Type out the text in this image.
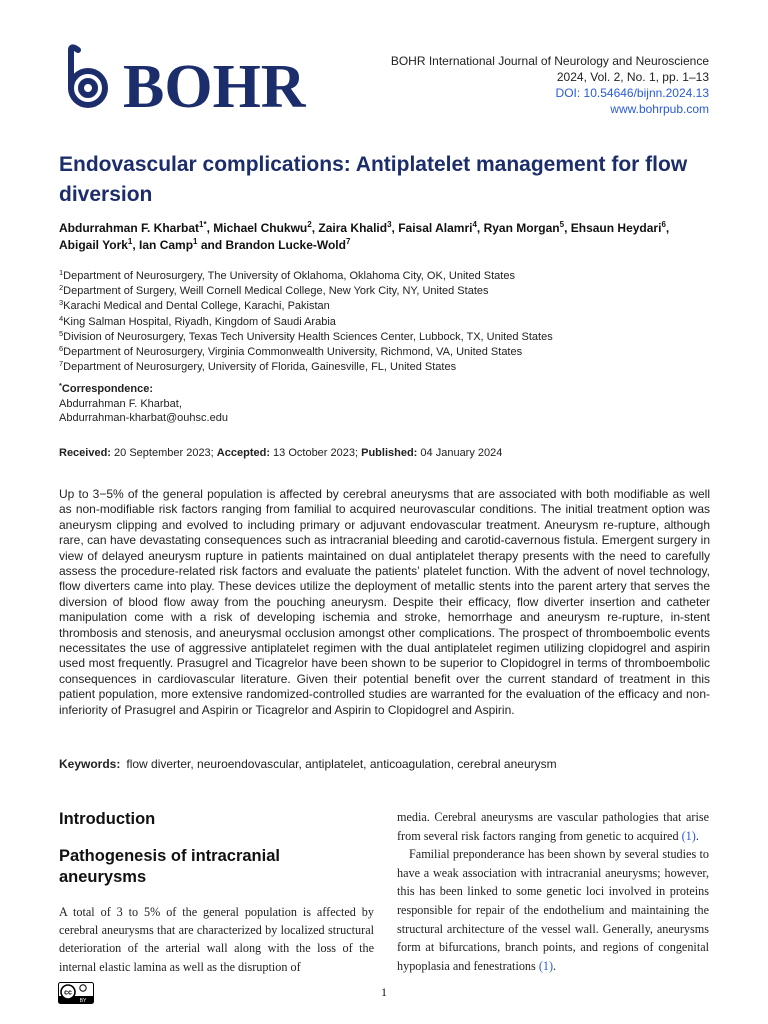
BOHR	BOHR International Journal of Neurology and Neuroscience
2024, Vol. 2, No. 1, pp. 1–13
DOI: 10.54646/bijnn.2024.13
www.bohrpub.com
Endovascular complications: Antiplatelet management for flow diversion
Abdurrahman F. Kharbat$^{1*}$, Michael Chukwu$^2$, Zaira Khalid$^3$, Faisal Alamri$^4$, Ryan Morgan$^5$, Ehsaun Heydari$^6$, Abigail York$^1$, Ian Camp$^1$ and Brandon Lucke-Wold$^7$
$^1$Department of Neurosurgery, The University of Oklahoma, Oklahoma City, OK, United States
$^2$Department of Surgery, Weill Cornell Medical College, New York City, NY, United States
$^3$Karachi Medical and Dental College, Karachi, Pakistan
$^4$King Salman Hospital, Riyadh, Kingdom of Saudi Arabia
$^5$Division of Neurosurgery, Texas Tech University Health Sciences Center, Lubbock, TX, United States
$^6$Department of Neurosurgery, Virginia Commonwealth University, Richmond, VA, United States
$^7$Department of Neurosurgery, University of Florida, Gainesville, FL, United States
*Correspondence:
Abdurrahman F. Kharbat,
Abdurrahman-kharbat@ouhsc.edu
Received: 20 September 2023; Accepted: 13 October 2023; Published: 04 January 2024
Up to 3−5% of the general population is affected by cerebral aneurysms that are associated with both modifiable as well as non-modifiable risk factors ranging from familial to acquired neurovascular conditions. The initial treatment option was aneurysm clipping and evolved to including primary or adjuvant endovascular treatment. Aneurysm re-rupture, although rare, can have devastating consequences such as intracranial bleeding and carotid-cavernous fistula. Emergent surgery in view of delayed aneurysm rupture in patients maintained on dual antiplatelet therapy presents with the need to carefully assess the procedure-related risk factors and evaluate the patients’ platelet function. With the advent of novel technology, flow diverters came into play. These devices utilize the deployment of metallic stents into the parent artery that serves the diversion of blood flow away from the pouching aneurysm. Despite their efficacy, flow diverter insertion and catheter manipulation come with a risk of developing ischemia and stroke, hemorrhage and aneurysm re-rupture, in-stent thrombosis and stenosis, and aneurysmal occlusion amongst other complications. The prospect of thromboembolic events necessitates the use of aggressive antiplatelet regimen with the dual antiplatelet regimen utilizing clopidogrel and aspirin used most frequently. Prasugrel and Ticagrelor have been shown to be superior to Clopidogrel in terms of thromboembolic consequences in cardiovascular literature. Given their potential benefit over the current standard of treatment in this patient population, more extensive randomized-controlled studies are warranted for the evaluation of the efficacy and non-inferiority of Prasugrel and Aspirin or Ticagrelor and Aspirin to Clopidogrel and Aspirin.
Keywords: flow diverter, neuroendovascular, antiplatelet, anticoagulation, cerebral aneurysm
Introduction
Pathogenesis of intracranial aneurysms
A total of 3 to 5% of the general population is affected by cerebral aneurysms that are characterized by localized structural deterioration of the arterial wall along with the loss of the internal elastic lamina as well as the disruption of

media. Cerebral aneurysms are vascular pathologies that arise from several risk factors ranging from genetic to acquired (1).

Familial preponderance has been shown by several studies to have a weak association with intracranial aneurysms; however, this has been linked to some genetic loci involved in proteins responsible for repair of the endothelium and maintaining the structural architecture of the vessel wall. Generally, aneurysms form at bifurcations, branch points, and regions of congenital hypoplasia and fenestrations (1).

cc
BY
1
